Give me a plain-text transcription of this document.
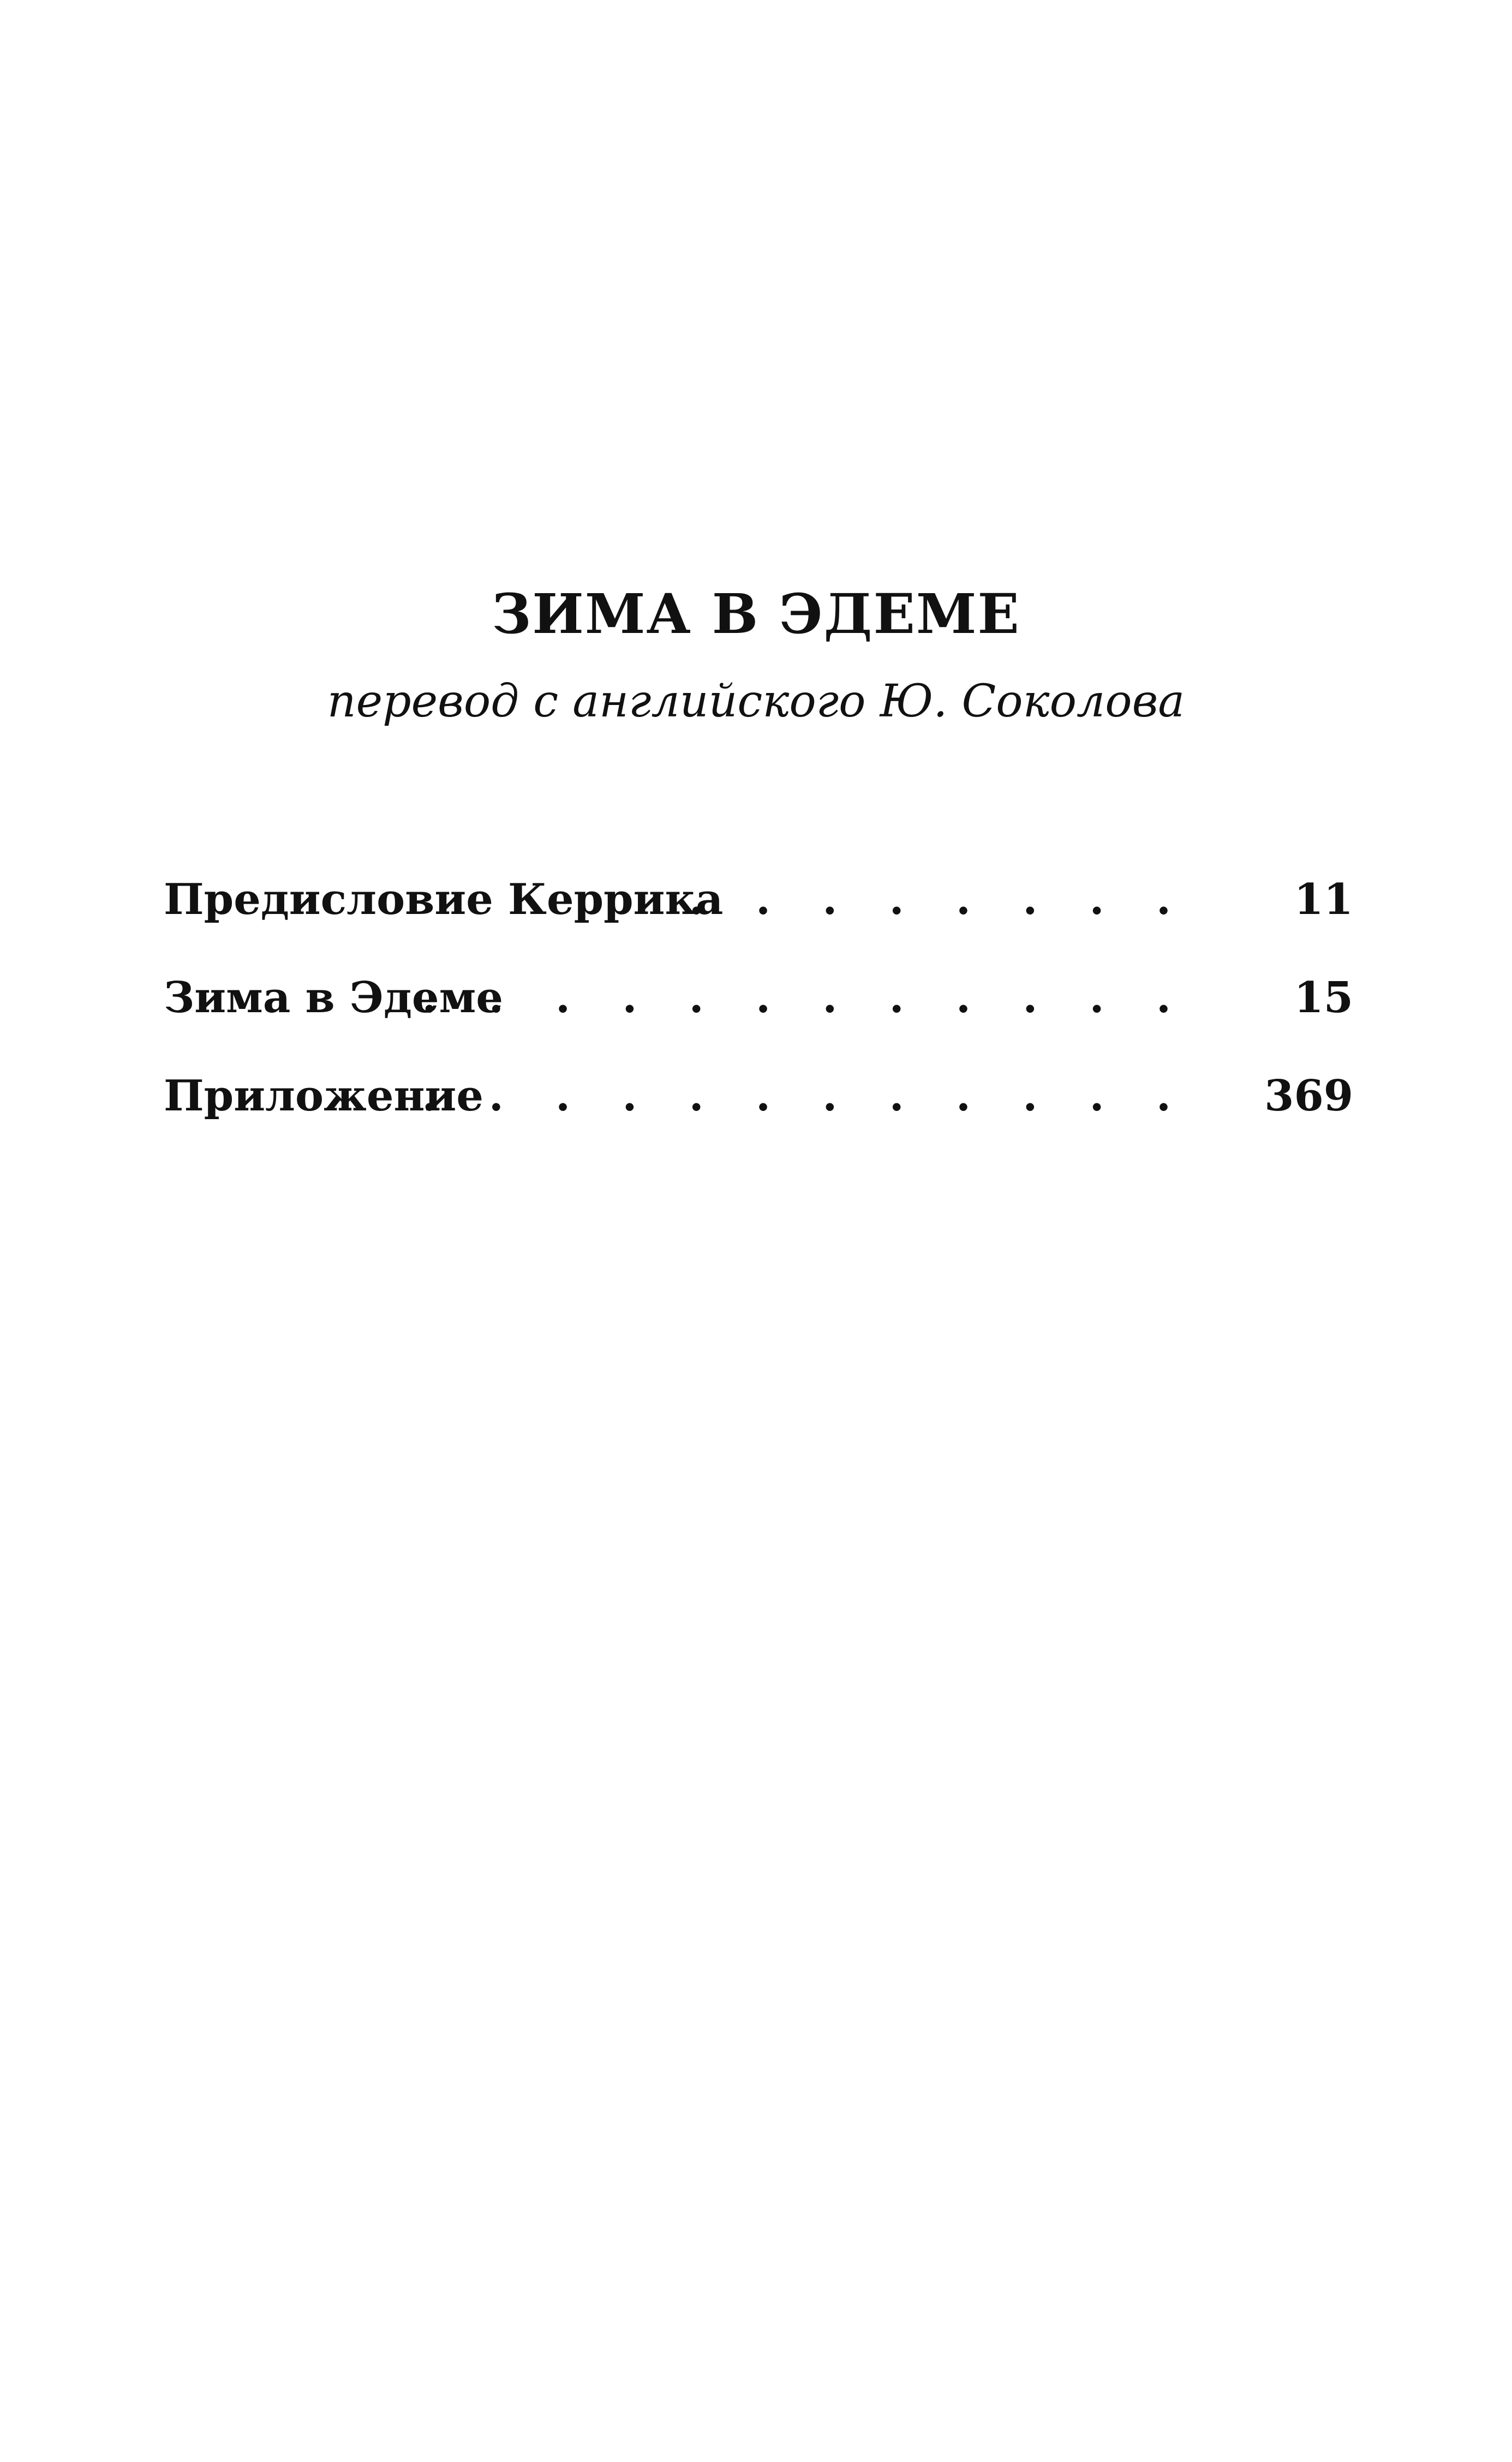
ЗИМА В ЭДЕМЕ
перевод с английского Ю. Соколова
Предисловие Керрика
. . . . . . . . 11
Зима в Эдеме
. . . . . . . . . . . . 15
Приложение
. . . . . . . . . . . . 369
